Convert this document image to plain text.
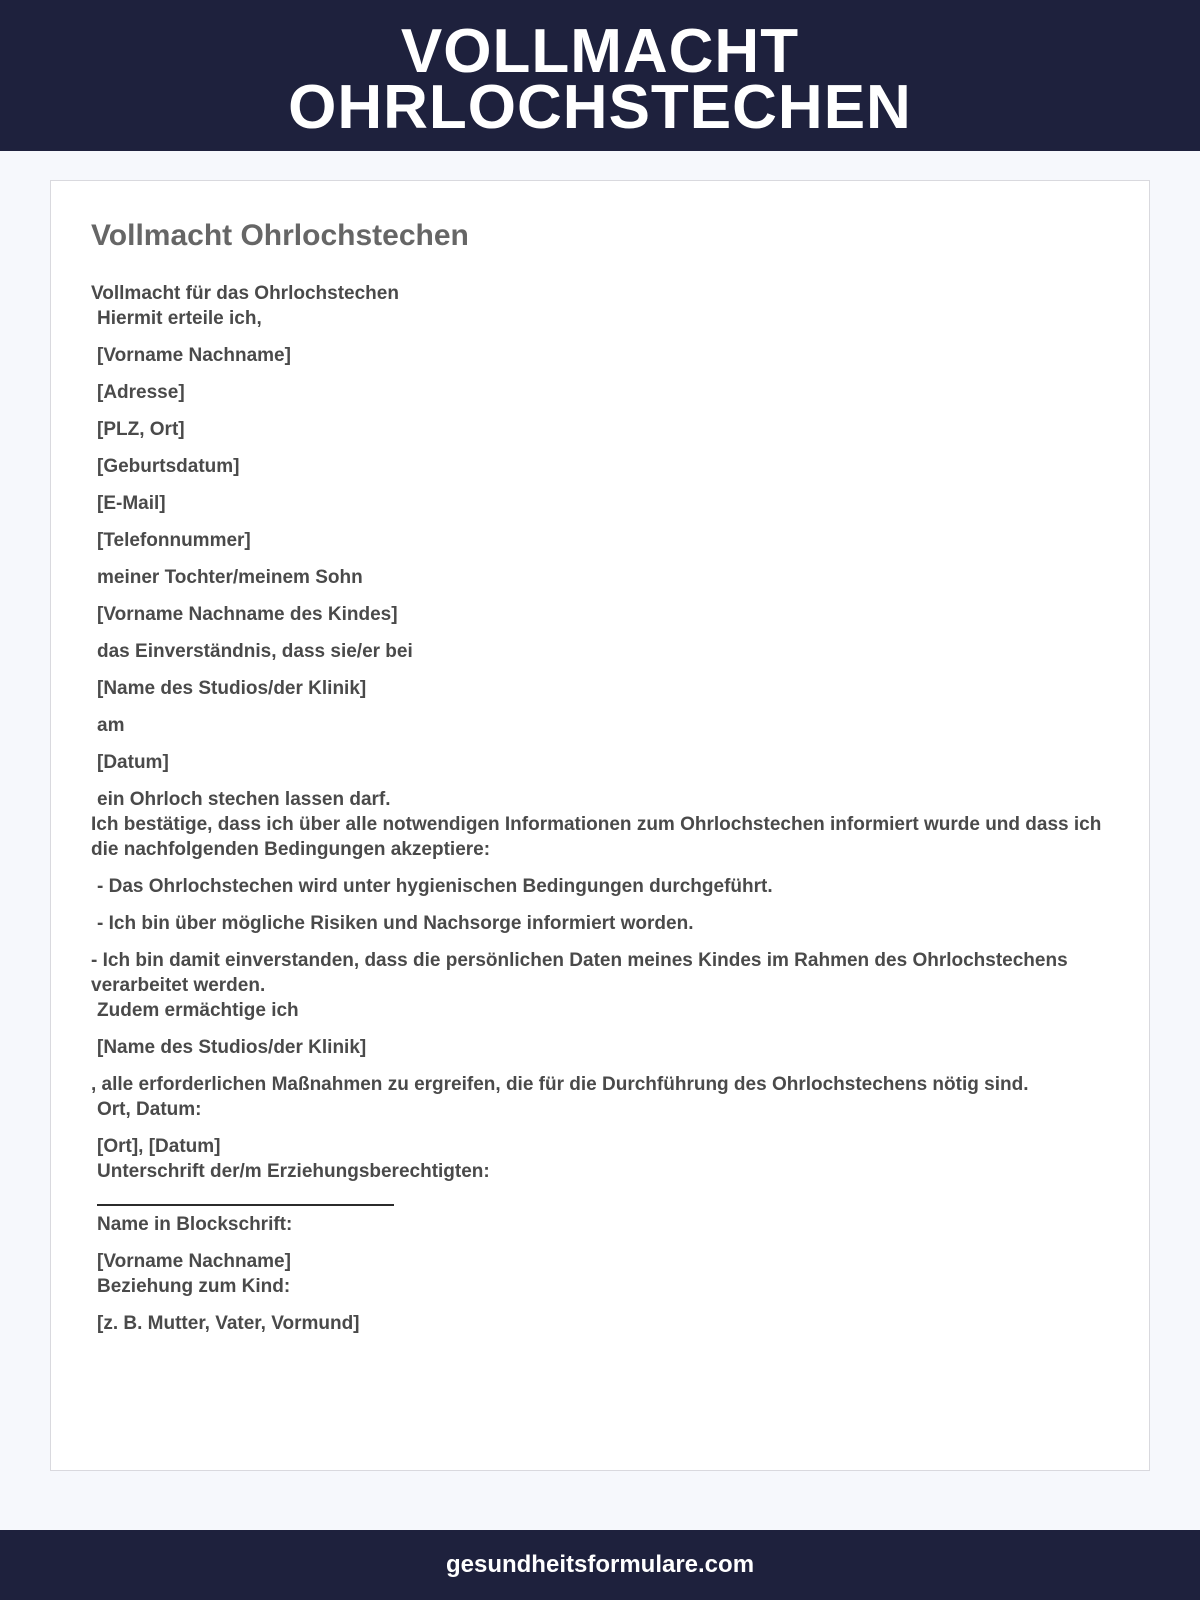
VOLLMACHT
OHRLOCHSTECHEN
Vollmacht Ohrlochstechen
Vollmacht für das Ohrlochstechen
Hiermit erteile ich,
[Vorname Nachname]
[Adresse]
[PLZ, Ort]
[Geburtsdatum]
[E-Mail]
[Telefonnummer]
meiner Tochter/meinem Sohn
[Vorname Nachname des Kindes]
das Einverständnis, dass sie/er bei
[Name des Studios/der Klinik]
am
[Datum]
ein Ohrloch stechen lassen darf.
Ich bestätige, dass ich über alle notwendigen Informationen zum Ohrlochstechen informiert wurde und dass ich die nachfolgenden Bedingungen akzeptiere:
- Das Ohrlochstechen wird unter hygienischen Bedingungen durchgeführt.
- Ich bin über mögliche Risiken und Nachsorge informiert worden.
- Ich bin damit einverstanden, dass die persönlichen Daten meines Kindes im Rahmen des Ohrlochstechens verarbeitet werden.
Zudem ermächtige ich
[Name des Studios/der Klinik]
, alle erforderlichen Maßnahmen zu ergreifen, die für die Durchführung des Ohrlochstechens nötig sind.
Ort, Datum:
[Ort], [Datum]
Unterschrift der/m Erziehungsberechtigten:
Name in Blockschrift:
[Vorname Nachname]
Beziehung zum Kind:
[z. B. Mutter, Vater, Vormund]
gesundheitsformulare.com
